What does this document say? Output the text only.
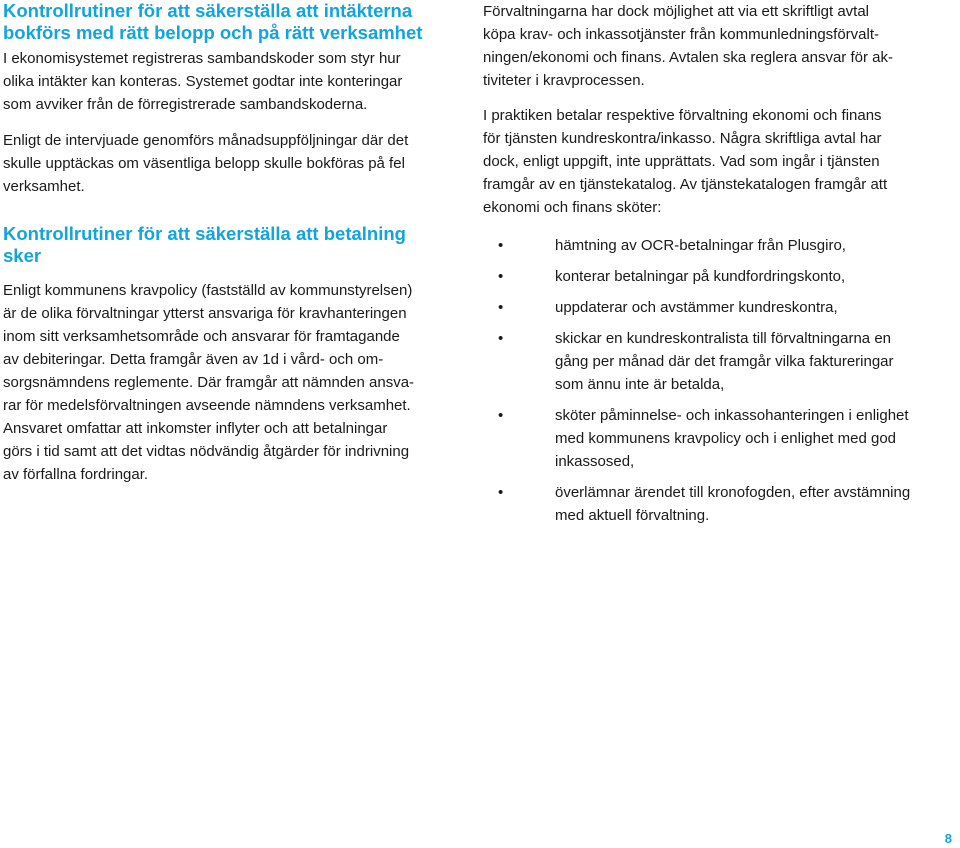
Kontrollrutiner för att säkerställa att intäkterna
bokförs med rätt belopp och på rätt verksamhet

I ekonomisystemet registreras sambandskoder som styr hur
olika intäkter kan konteras. Systemet godtar inte konteringar
som avviker från de förregistrerade sambandskoderna.

Enligt de intervjuade genomförs månadsuppföljningar där det
skulle upptäckas om väsentliga belopp skulle bokföras på fel
verksamhet.

Kontrollrutiner för att säkerställa att betalning
sker

Enligt kommunens kravpolicy (fastställd av kommunstyrelsen)
är de olika förvaltningar ytterst ansvariga för kravhanteringen
inom sitt verksamhetsområde och ansvarar för framtagande
av debiteringar. Detta framgår även av 1d i vård- och om-
sorgsnämndens reglemente. Där framgår att nämnden ansva-
rar för medelsförvaltningen avseende nämndens verksamhet.
Ansvaret omfattar att inkomster inflyter och att betalningar
görs i tid samt att det vidtas nödvändig åtgärder för indrivning
av förfallna fordringar.

Förvaltningarna har dock möjlighet att via ett skriftligt avtal
köpa krav- och inkassotjänster från kommunledningsförvalt-
ningen/ekonomi och finans. Avtalen ska reglera ansvar för ak-
tiviteter i kravprocessen.

I praktiken betalar respektive förvaltning ekonomi och finans
för tjänsten kundreskontra/inkasso. Några skriftliga avtal har
dock, enligt uppgift, inte upprättats. Vad som ingår i tjänsten
framgår av en tjänstekatalog. Av tjänstekatalogen framgår att
ekonomi och finans sköter:

•	hämtning av OCR-betalningar från Plusgiro,
•	konterar betalningar på kundfordringskonto,
•	uppdaterar och avstämmer kundreskontra,
•	skickar en kundreskontralista till förvaltningarna en
gång per månad där det framgår vilka faktureringar
som ännu inte är betalda,
•	sköter påminnelse- och inkassohanteringen i enlighet
med kommunens kravpolicy och i enlighet med god
inkassosed,
•	överlämnar ärendet till kronofogden, efter avstämning
med aktuell förvaltning.
8
